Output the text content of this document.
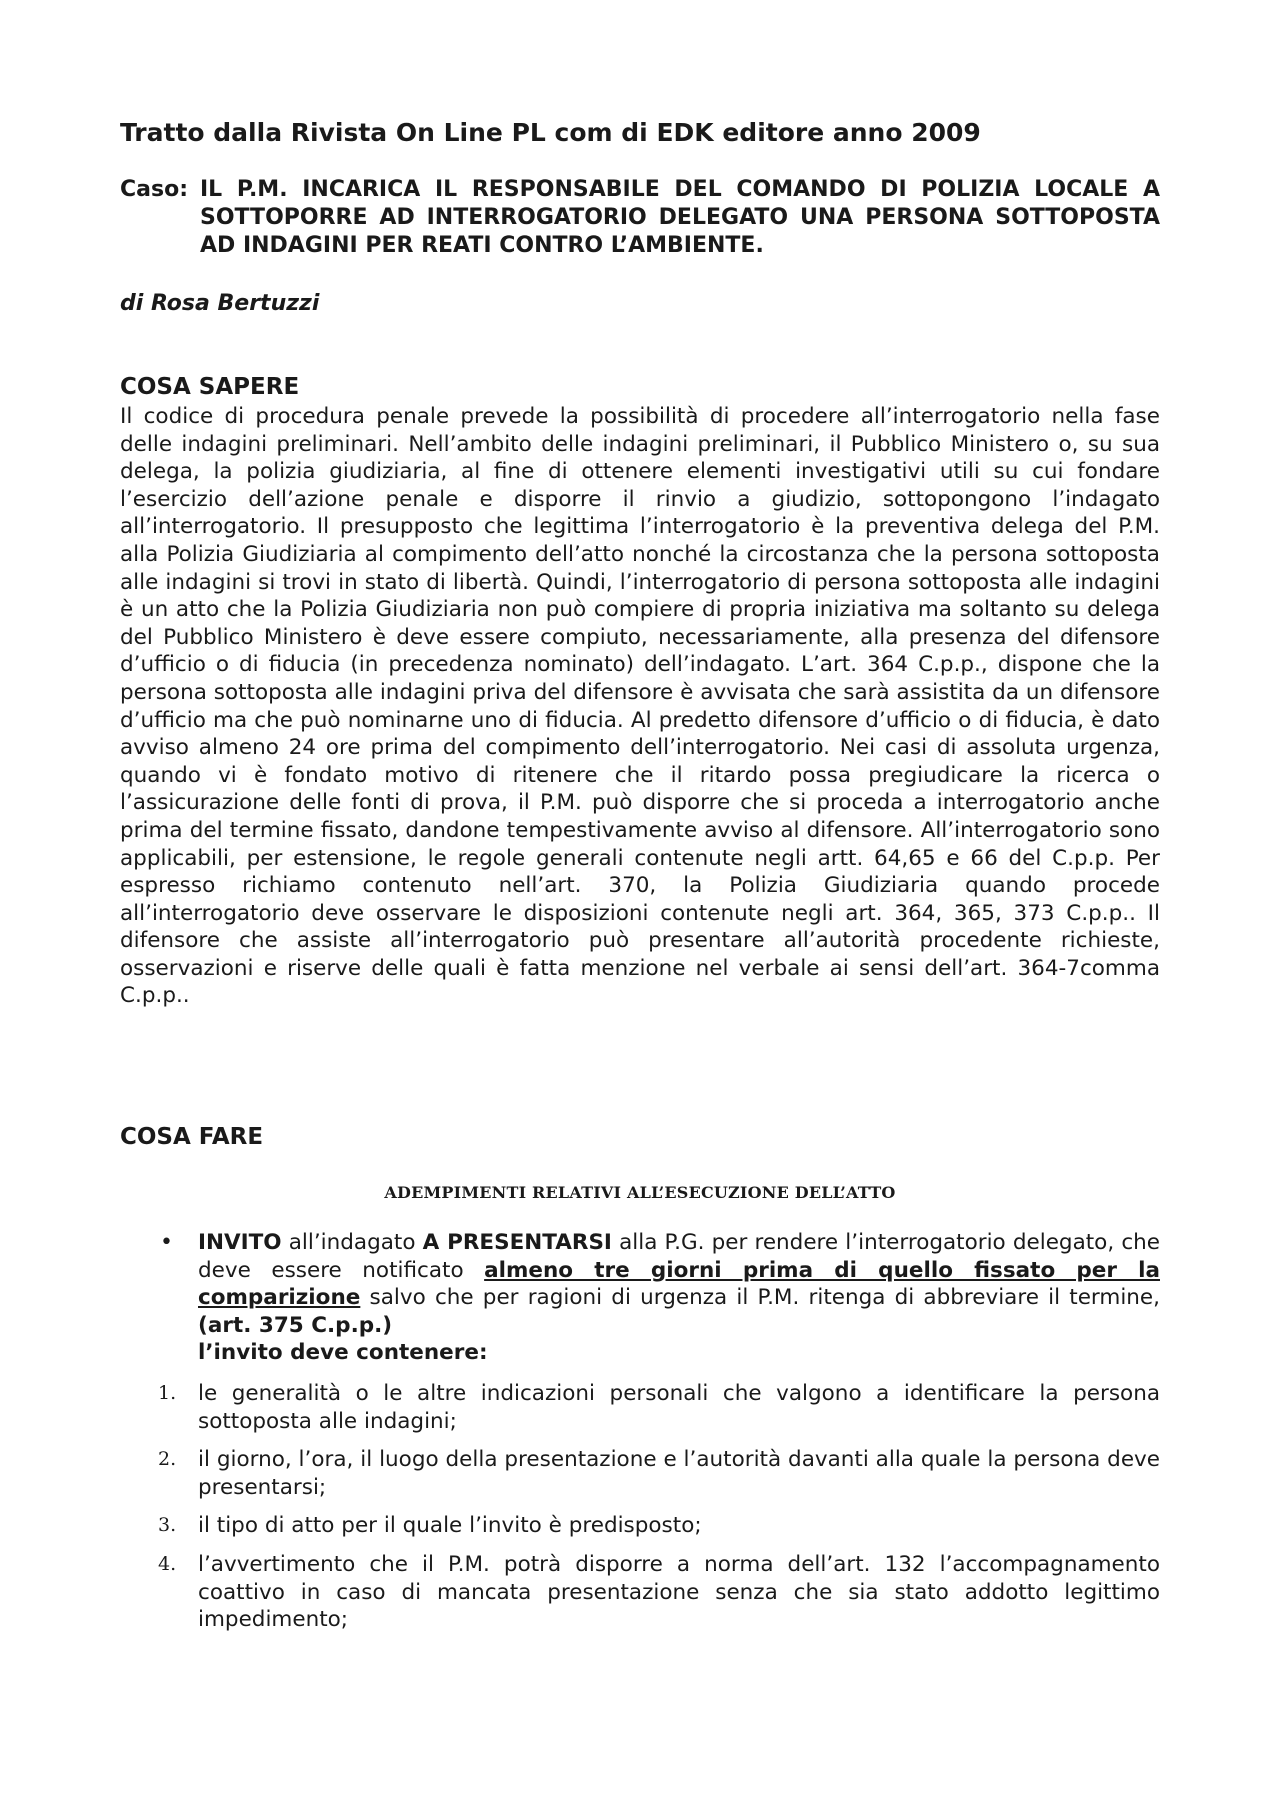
Tratto dalla Rivista On Line PL com di EDK editore anno 2009
Caso: IL P.M. INCARICA IL RESPONSABILE DEL COMANDO DI POLIZIA LOCALE A SOTTOPORRE AD INTERROGATORIO DELEGATO UNA PERSONA SOTTOPOSTA AD INDAGINI PER REATI CONTRO L’AMBIENTE.
di Rosa Bertuzzi
COSA SAPERE
Il codice di procedura penale prevede la possibilità di procedere all’interrogatorio nella fase delle indagini preliminari. Nell’ambito delle indagini preliminari, il Pubblico Ministero o, su sua delega, la polizia giudiziaria, al fine di ottenere elementi investigativi utili su cui fondare l’esercizio dell’azione penale e disporre il rinvio a giudizio, sottopongono l’indagato all’interrogatorio. Il presupposto che legittima l’interrogatorio è la preventiva delega del P.M. alla Polizia Giudiziaria al compimento dell’atto nonché la circostanza che la persona sottoposta alle indagini si trovi in stato di libertà. Quindi, l’interrogatorio di persona sottoposta alle indagini è un atto che la Polizia Giudiziaria non può compiere di propria iniziativa ma soltanto su delega del Pubblico Ministero è deve essere compiuto, necessariamente, alla presenza del difensore d’ufficio o di fiducia (in precedenza nominato) dell’indagato. L’art. 364 C.p.p., dispone che la persona sottoposta alle indagini priva del difensore è avvisata che sarà assistita da un difensore d’ufficio ma che può nominarne uno di fiducia. Al predetto difensore d’ufficio o di fiducia, è dato avviso almeno 24 ore prima del compimento dell’interrogatorio. Nei casi di assoluta urgenza, quando vi è fondato motivo di ritenere che il ritardo possa pregiudicare la ricerca o l’assicurazione delle fonti di prova, il P.M. può disporre che si proceda a interrogatorio anche prima del termine fissato, dandone tempestivamente avviso al difensore. All’interrogatorio sono applicabili, per estensione, le regole generali contenute negli artt. 64,65 e 66 del C.p.p. Per espresso richiamo contenuto nell’art. 370, la Polizia Giudiziaria quando procede all’interrogatorio deve osservare le disposizioni contenute negli art. 364, 365, 373 C.p.p.. Il difensore che assiste all’interrogatorio può presentare all’autorità procedente richieste, osservazioni e riserve delle quali è fatta menzione nel verbale ai sensi dell’art. 364-7comma C.p.p..
COSA FARE
ADEMPIMENTI RELATIVI ALL’ESECUZIONE DELL’ATTO
• INVITO all’indagato A PRESENTARSI alla P.G. per rendere l’interrogatorio delegato, che deve essere notificato almeno tre giorni prima di quello fissato per la comparizione salvo che per ragioni di urgenza il P.M. ritenga di abbreviare il termine, (art. 375 C.p.p.)
l’invito deve contenere:
1. le generalità o le altre indicazioni personali che valgono a identificare la persona sottoposta alle indagini;
2. il giorno, l’ora, il luogo della presentazione e l’autorità davanti alla quale la persona deve presentarsi;
3. il tipo di atto per il quale l’invito è predisposto;
4. l’avvertimento che il P.M. potrà disporre a norma dell’art. 132 l’accompagnamento coattivo in caso di mancata presentazione senza che sia stato addotto legittimo impedimento;
